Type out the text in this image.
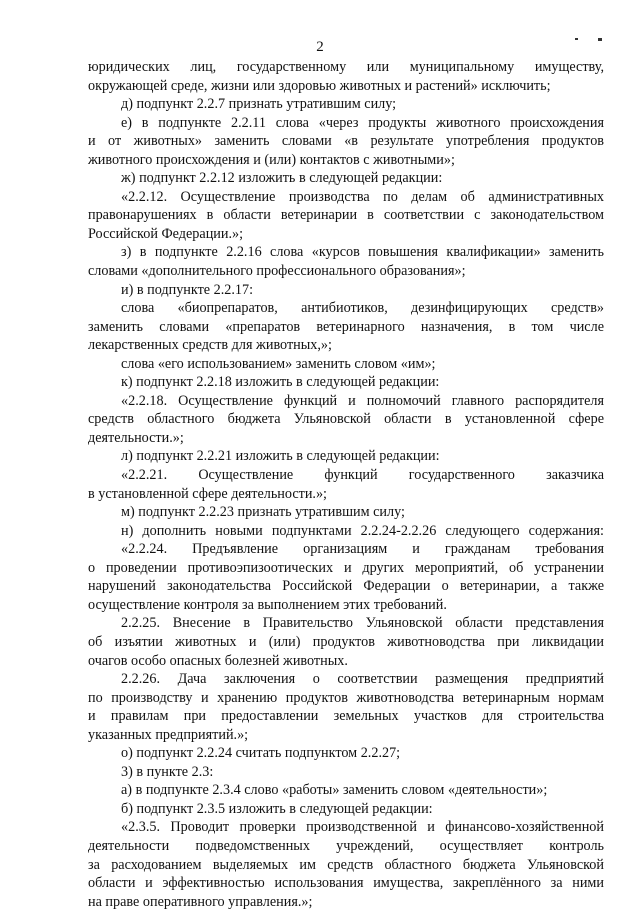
2
юридических лиц, государственному или муниципальному имуществу,
окружающей среде, жизни или здоровью животных и растений» исключить;
д) подпункт 2.2.7 признать утратившим силу;
е) в подпункте 2.2.11 слова «через продукты животного происхождения
и от животных» заменить словами «в результате употребления продуктов
животного происхождения и (или) контактов с животными»;
ж) подпункт 2.2.12 изложить в следующей редакции:
«2.2.12. Осуществление производства по делам об административных
правонарушениях в области ветеринарии в соответствии с законодательством
Российской Федерации.»;
з) в подпункте 2.2.16 слова «курсов повышения квалификации» заменить
словами «дополнительного профессионального образования»;
и) в подпункте 2.2.17:
слова «биопрепаратов, антибиотиков, дезинфицирующих средств»
заменить словами «препаратов ветеринарного назначения, в том числе
лекарственных средств для животных,»;
слова «его использованием» заменить словом «им»;
к) подпункт 2.2.18 изложить в следующей редакции:
«2.2.18. Осуществление функций и полномочий главного распорядителя
средств областного бюджета Ульяновской области в установленной сфере
деятельности.»;
л) подпункт 2.2.21 изложить в следующей редакции:
«2.2.21. Осуществление функций государственного заказчика
в установленной сфере деятельности.»;
м) подпункт 2.2.23 признать утратившим силу;
н) дополнить новыми подпунктами 2.2.24-2.2.26 следующего содержания:
«2.2.24. Предъявление организациям и гражданам требования
о проведении противоэпизоотических и других мероприятий, об устранении
нарушений законодательства Российской Федерации о ветеринарии, а также
осуществление контроля за выполнением этих требований.
2.2.25. Внесение в Правительство Ульяновской области представления
об изъятии животных и (или) продуктов животноводства при ликвидации
очагов особо опасных болезней животных.
2.2.26. Дача заключения о соответствии размещения предприятий
по производству и хранению продуктов животноводства ветеринарным нормам
и правилам при предоставлении земельных участков для строительства
указанных предприятий.»;
о) подпункт 2.2.24 считать подпунктом 2.2.27;
3) в пункте 2.3:
а) в подпункте 2.3.4 слово «работы» заменить словом «деятельности»;
б) подпункт 2.3.5 изложить в следующей редакции:
«2.3.5. Проводит проверки производственной и финансово-хозяйственной
деятельности подведомственных учреждений, осуществляет контроль
за расходованием выделяемых им средств областного бюджета Ульяновской
области и эффективностью использования имущества, закреплённого за ними
на праве оперативного управления.»;
